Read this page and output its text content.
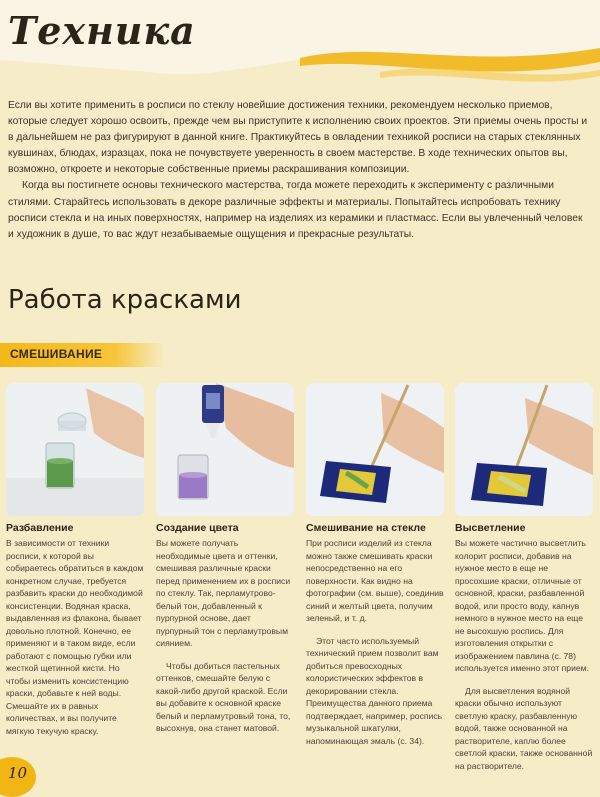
Техника

Если вы хотите применить в росписи по стеклу новейшие достижения техники, рекомендуем несколько приемов, которые следует хорошо освоить, прежде чем вы приступите к исполнению своих проектов. Эти приемы очень просты и в дальнейшем не раз фигурируют в данной книге. Практикуйтесь в овладении техникой росписи на старых стеклянных кувшинах, блюдах, изразцах, пока не почувствуете уверенность в своем мастерстве. В ходе технических опытов вы, возможно, откроете и некоторые собственные приемы раскрашивания композиции.

Когда вы постигнете основы технического мастерства, тогда можете переходить к эксперименту с различными стилями. Старайтесь использовать в декоре различные эффекты и материалы. Попытайтесь испробовать технику росписи стекла и на иных поверхностях, например на изделиях из керамики и пластмасс. Если вы увлеченный человек и художник в душе, то вас ждут незабываемые ощущения и прекрасные результаты.

Работа красками
СМЕШИВАНИЕ
Разбавление

В зависимости от техники росписи, к которой вы собираетесь обратиться в каждом конкретном случае, требуется разбавить краски до необходимой консистенции. Водяная краска, выдавленная из флакона, бывает довольно плотной. Конечно, ее применяют и в таком виде, если работают с помощью губки или жесткой щетинной кисти. Но чтобы изменить консистенцию краски, добавьте к ней воды. Смешайте их в равных количествах, и вы получите мягкую текучую краску.

Создание цвета

Вы можете получать необходимые цвета и оттенки, смешивая различные краски перед применением их в росписи по стеклу. Так, перламутрово-белый тон, добавленный к пурпурной основе, дает пурпурный тон с перламутровым сиянием.

Чтобы добиться пастельных оттенков, смешайте белую с какой-либо другой краской. Если вы добавите к основной краске белый и перламутровый тона, то, высохнув, она станет матовой.

Смешивание на стекле

При росписи изделий из стекла можно также смешивать краски непосредственно на его поверхности. Как видно на фотографии (см. выше), соединив синий и желтый цвета, получим зеленый, и т. д.

Этот часто используемый технический прием позволит вам добиться превосходных колористических эффектов в декорировании стекла. Преимущества данного приема подтверждает, например, роспись музыкальной шкатулки, напоминающая эмаль (с. 34).

Высветление

Вы можете частично высветлить колорит росписи, добавив на нужное место в еще не просохшие краски, отличные от основной, краски, разбавленной водой, или просто воду, капнув немного в нужное место на еще не высохшую роспись. Для изготовления открытки с изображением павлина (с. 78) используется именно этот прием.

Для высветления водяной краски обычно используют светлую краску, разбавленную водой, также основанной на растворителе, каплю более светлой краски, также основанной на растворителе.

10
